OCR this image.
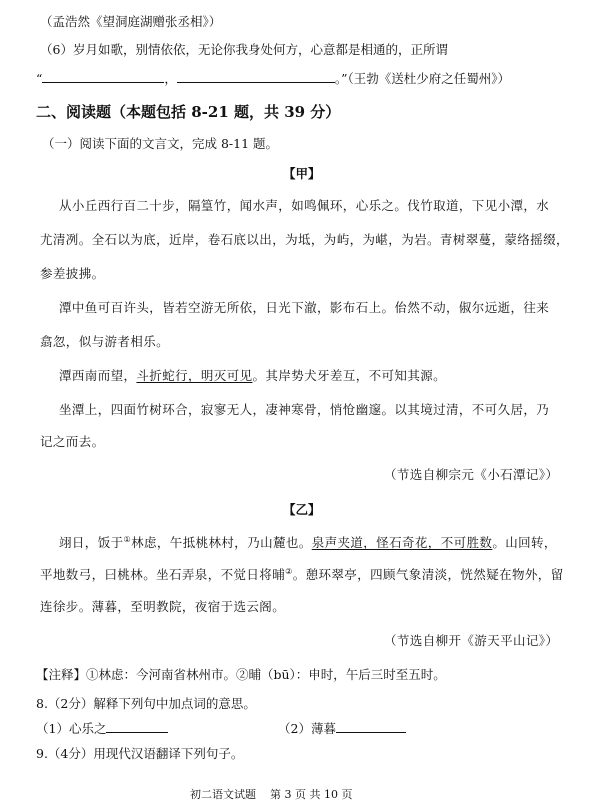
（孟浩然《望洞庭湖赠张丞相》）
（6）岁月如歌，别情依依，无论你我身处何方，心意都是相通的，正所谓
“	，	。”（王勃《送杜少府之任蜀州》）
二、阅读题（本题包括 8-21 题，共 39 分）
（一）阅读下面的文言文，完成 8-11 题。
【甲】
从小丘西行百二十步，隔篁竹，闻水声，如鸣佩环，心乐之。伐竹取道，下见小潭，水
尤清冽。全石以为底，近岸，卷石底以出，为坻，为屿，为嵁，为岩。青树翠蔓，蒙络摇缀，
参差披拂。
潭中鱼可百许头，皆若空游无所依，日光下澈，影布石上。佁然不动，俶尔远逝，往来
翕忽，似与游者相乐。
潭西南而望，斗折蛇行，明灭可见。其岸势犬牙差互，不可知其源。
坐潭上，四面竹树环合，寂寥无人，凄神寒骨，悄怆幽邃。以其境过清，不可久居，乃
记之而去。
（节选自柳宗元《小石潭记》）
【乙】
翊日，饭于①林虑，午抵桃林村，乃山麓也。泉声夹道，怪石奇花，不可胜数。山回转，
平地数弓，曰桃林。坐石弄泉，不觉日将晡②。憩环翠亭，四顾气象清淡，恍然疑在物外，留
连徐步。薄暮，至明教院，夜宿于选云阁。
（节选自柳开《游天平山记》）
【注释】①林虑：今河南省林州市。②晡（bū）：申时，午后三时至五时。
8.（2分）解释下列句中加点词的意思。
（1）心乐之	（2）薄暮
9.（4分）用现代汉语翻译下列句子。
初二语文试题    第 3 页 共 10 页
